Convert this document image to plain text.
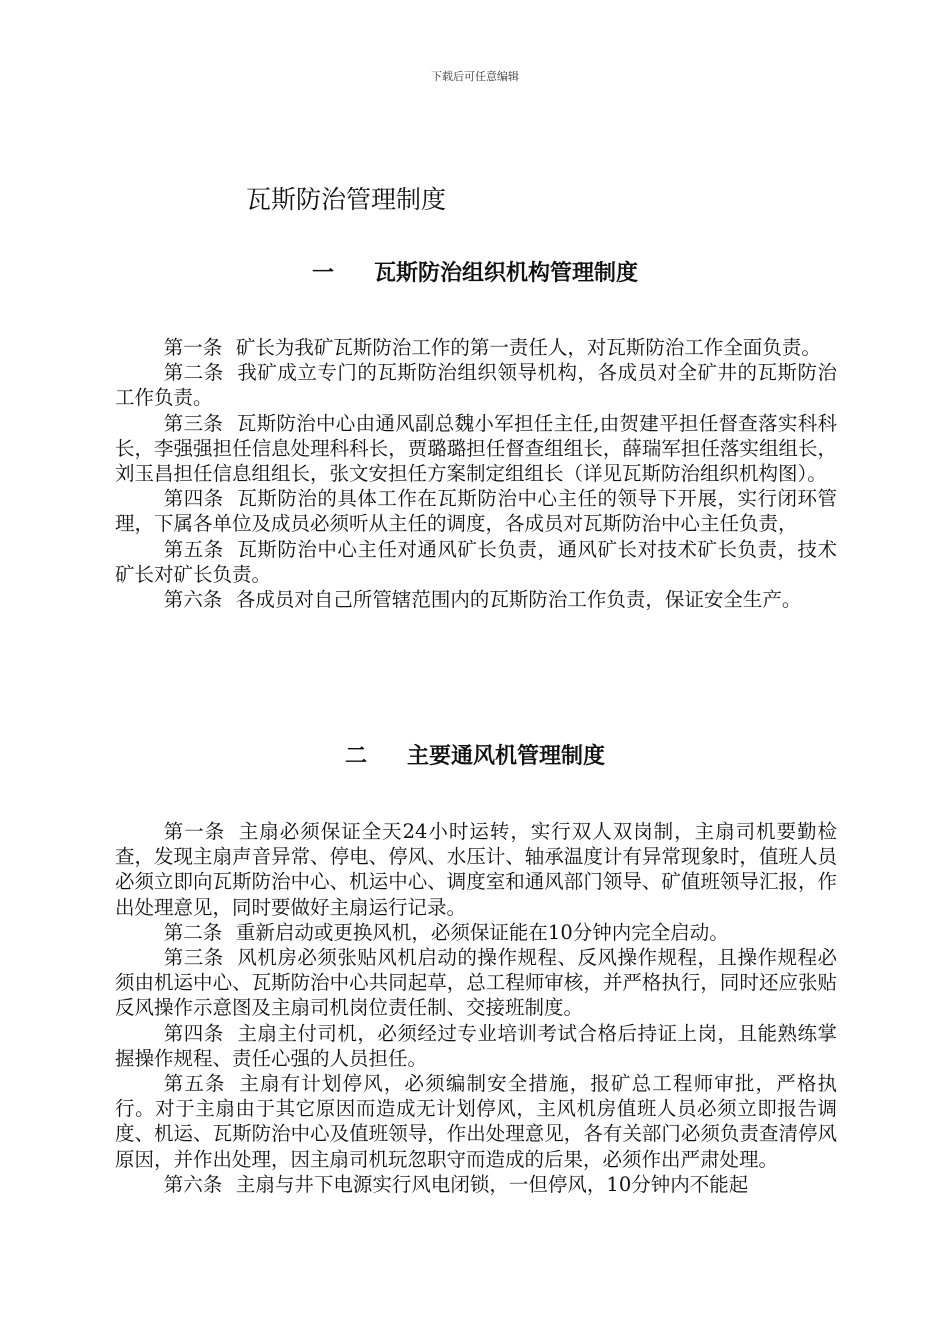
下载后可任意编辑
瓦斯防治管理制度
一 瓦斯防治组织机构管理制度

第一条 矿长为我矿瓦斯防治工作的第一责任人，对瓦斯防治工作全面负责。

第二条 我矿成立专门的瓦斯防治组织领导机构，各成员对全矿井的瓦斯防治工作负责。

第三条 瓦斯防治中心由通风副总魏小军担任主任,由贺建平担任督查落实科科长，李强强担任信息处理科科长，贾璐璐担任督查组组长，薛瑞军担任落实组组长，刘玉昌担任信息组组长，张文安担任方案制定组组长（详见瓦斯防治组织机构图）。

第四条 瓦斯防治的具体工作在瓦斯防治中心主任的领导下开展，实行闭环管理，下属各单位及成员必须听从主任的调度，各成员对瓦斯防治中心主任负责，

第五条 瓦斯防治中心主任对通风矿长负责，通风矿长对技术矿长负责，技术矿长对矿长负责。

第六条 各成员对自己所管辖范围内的瓦斯防治工作负责，保证安全生产。

二 主要通风机管理制度

第一条 主扇必须保证全天24小时运转，实行双人双岗制，主扇司机要勤检查，发现主扇声音异常、停电、停风、水压计、轴承温度计有异常现象时，值班人员必须立即向瓦斯防治中心、机运中心、调度室和通风部门领导、矿值班领导汇报，作出处理意见，同时要做好主扇运行记录。

第二条 重新启动或更换风机，必须保证能在10分钟内完全启动。

第三条 风机房必须张贴风机启动的操作规程、反风操作规程，且操作规程必须由机运中心、瓦斯防治中心共同起草，总工程师审核，并严格执行，同时还应张贴反风操作示意图及主扇司机岗位责任制、交接班制度。

第四条 主扇主付司机，必须经过专业培训考试合格后持证上岗，且能熟练掌握操作规程、责任心强的人员担任。

第五条 主扇有计划停风，必须编制安全措施，报矿总工程师审批，严格执行。对于主扇由于其它原因而造成无计划停风，主风机房值班人员必须立即报告调度、机运、瓦斯防治中心及值班领导，作出处理意见，各有关部门必须负责查清停风原因，并作出处理，因主扇司机玩忽职守而造成的后果，必须作出严肃处理。

第六条 主扇与井下电源实行风电闭锁，一但停风，10分钟内不能起
